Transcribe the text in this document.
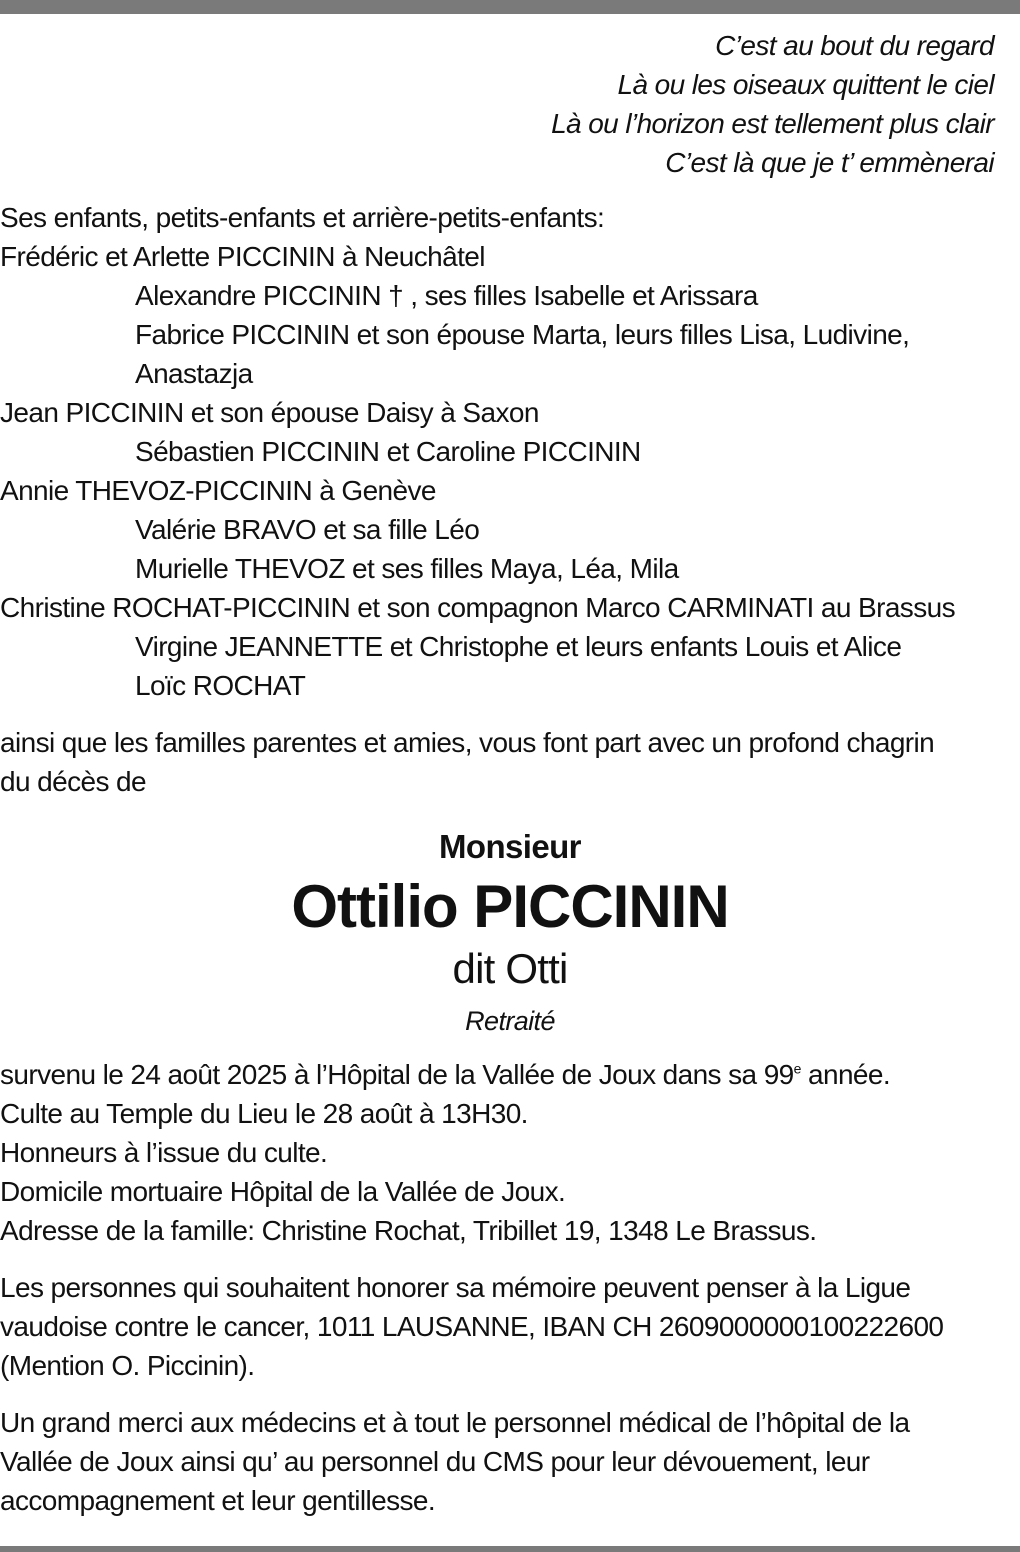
C’est au bout du regard
Là ou les oiseaux quittent le ciel
Là ou l’horizon est tellement plus clair
C’est là que je t’ emmènerai
Ses enfants, petits-enfants et arrière-petits-enfants:
Frédéric et Arlette PICCININ à Neuchâtel
Alexandre PICCININ † , ses filles Isabelle et Arissara
Fabrice PICCININ et son épouse Marta, leurs filles Lisa, Ludivine,
Anastazja
Jean PICCININ et son épouse Daisy à Saxon
Sébastien PICCININ et Caroline PICCININ
Annie THEVOZ-PICCININ à Genève
Valérie BRAVO et sa fille Léo
Murielle THEVOZ et ses filles Maya, Léa, Mila
Christine ROCHAT-PICCININ et son compagnon Marco CARMINATI au Brassus
Virgine JEANNETTE et Christophe et leurs enfants Louis et Alice
Loïc ROCHAT
ainsi que les familles parentes et amies, vous font part avec un profond chagrin
du décès de
Monsieur
Ottilio PICCININ
dit Otti
Retraité
survenu le 24 août 2025 à l’Hôpital de la Vallée de Joux dans sa 99e année.
Culte au Temple du Lieu le 28 août à 13H30.
Honneurs à l’issue du culte.
Domicile mortuaire Hôpital de la Vallée de Joux.
Adresse de la famille: Christine Rochat, Tribillet 19, 1348 Le Brassus.
Les personnes qui souhaitent honorer sa mémoire peuvent penser à la Ligue
vaudoise contre le cancer, 1011 LAUSANNE, IBAN CH 2609000000100222600
(Mention O. Piccinin).
Un grand merci aux médecins et à tout le personnel médical de l’hôpital de la
Vallée de Joux ainsi qu’ au personnel du CMS pour leur dévouement, leur
accompagnement et leur gentillesse.
